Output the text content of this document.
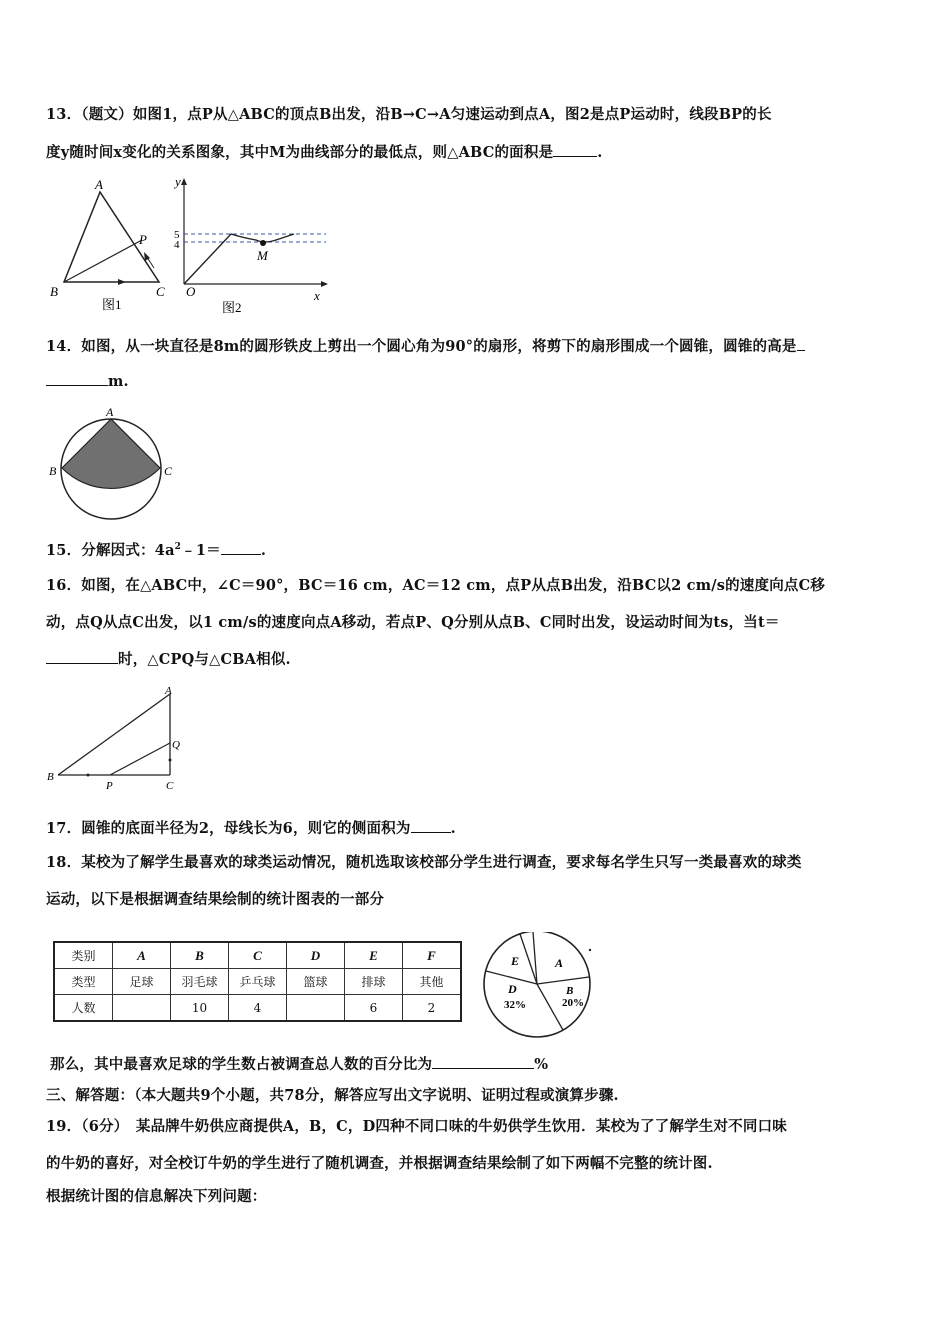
13．（题文）如图1，点P从△ABC的顶点B出发，沿B→C→A匀速运动到点A，图2是点P运动时，线段BP的长
度y随时间x变化的关系图象，其中M为曲线部分的最低点，则△ABC的面积是	.
A
B	C
P
图1
y
x
O
M
5
4
图2
14．如图，从一块直径是8m的圆形铁皮上剪出一个圆心角为90°的扇形，将剪下的扇形围成一个圆锥，圆锥的高是
m.
A
B	C
15．分解因式：$4a^2﹣1=$	.
16．如图，在△ABC中，∠C＝90°，BC＝16 cm，AC＝12 cm，点P从点B出发，沿BC以2 cm/s的速度向点C移
动，点Q从点C出发，以1 cm/s的速度向点A移动，若点P、Q分别从点B、C同时出发，设运动时间为ts，当t＝
时，△CPQ与△CBA相似.
A
B
C
P
Q
17．圆锥的底面半径为2，母线长为6，则它的侧面积为	.
18．某校为了解学生最喜欢的球类运动情况，随机选取该校部分学生进行调查，要求每名学生只写一类最喜欢的球类
运动，以下是根据调查结果绘制的统计图表的一部分
类别	A	B	C	D	E	F
类型	足球	羽毛球	乒乓球	篮球	排球	其他
人数		10	4		6	2
E	A
D
32%
B
20%
那么，其中最喜欢足球的学生数占被调查总人数的百分比为	%
三、解答题：（本大题共9个小题，共78分，解答应写出文字说明、证明过程或演算步骤.
19．（6分）　某品牌牛奶供应商提供A，B，C，D四种不同口味的牛奶供学生饮用．某校为了了解学生对不同口味
的牛奶的喜好，对全校订牛奶的学生进行了随机调查，并根据调查结果绘制了如下两幅不完整的统计图.
根据统计图的信息解决下列问题：
